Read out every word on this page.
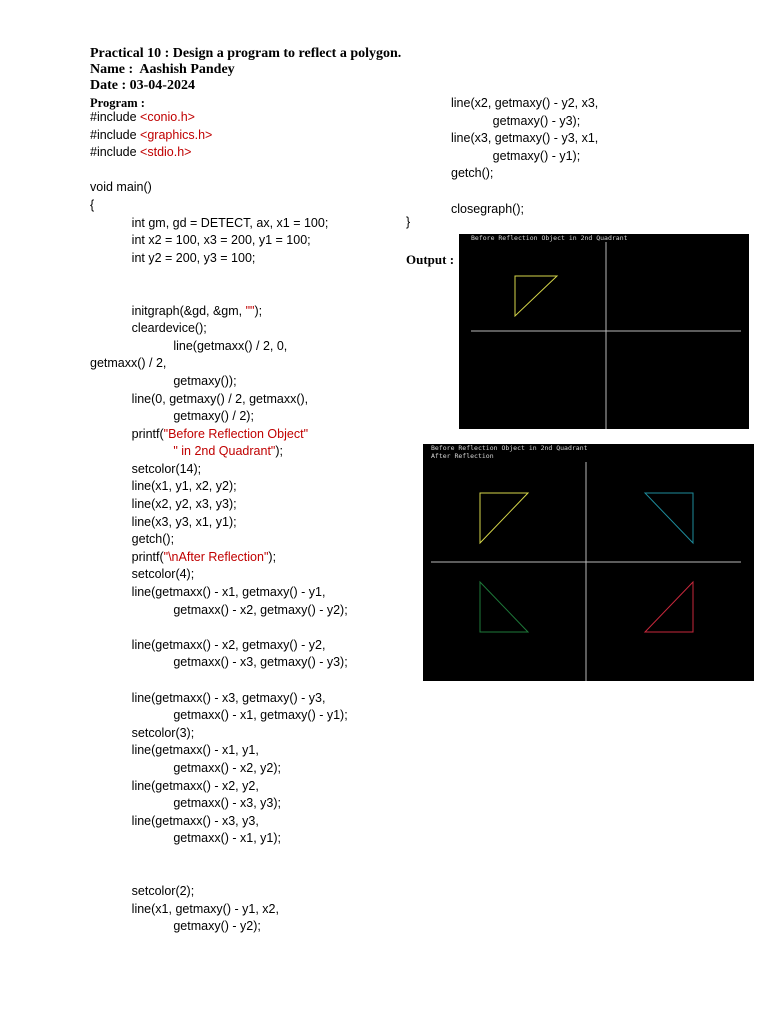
Practical 10 : Design a program to reflect a polygon.
Name :  Aashish Pandey
Date : 03-04-2024
Program :
#include <conio.h>
#include <graphics.h>
#include <stdio.h>
void main()
{
int gm, gd = DETECT, ax, x1 = 100;
int x2 = 100, x3 = 200, y1 = 100;
int y2 = 200, y3 = 100;
initgraph(&gd, &gm, "");
cleardevice();
line(getmaxx() / 2, 0,
getmaxx() / 2,
getmaxy());
line(0, getmaxy() / 2, getmaxx(),
getmaxy() / 2);
printf("Before Reflection Object"
" in 2nd Quadrant");
setcolor(14);
line(x1, y1, x2, y2);
line(x2, y2, x3, y3);
line(x3, y3, x1, y1);
getch();
printf("\nAfter Reflection");
setcolor(4);
line(getmaxx() - x1, getmaxy() - y1,
getmaxx() - x2, getmaxy() - y2);
line(getmaxx() - x2, getmaxy() - y2,
getmaxx() - x3, getmaxy() - y3);
line(getmaxx() - x3, getmaxy() - y3,
getmaxx() - x1, getmaxy() - y1);
setcolor(3);
line(getmaxx() - x1, y1,
getmaxx() - x2, y2);
line(getmaxx() - x2, y2,
getmaxx() - x3, y3);
line(getmaxx() - x3, y3,
getmaxx() - x1, y1);
setcolor(2);
line(x1, getmaxy() - y1, x2,
getmaxy() - y2);
line(x2, getmaxy() - y2, x3,
getmaxy() - y3);
line(x3, getmaxy() - y3, x1,
getmaxy() - y1);
getch();
closegraph();
}
Output :
Before Reflection Object in 2nd Quadrant
Before Reflection Object in 2nd Quadrant
After Reflection
